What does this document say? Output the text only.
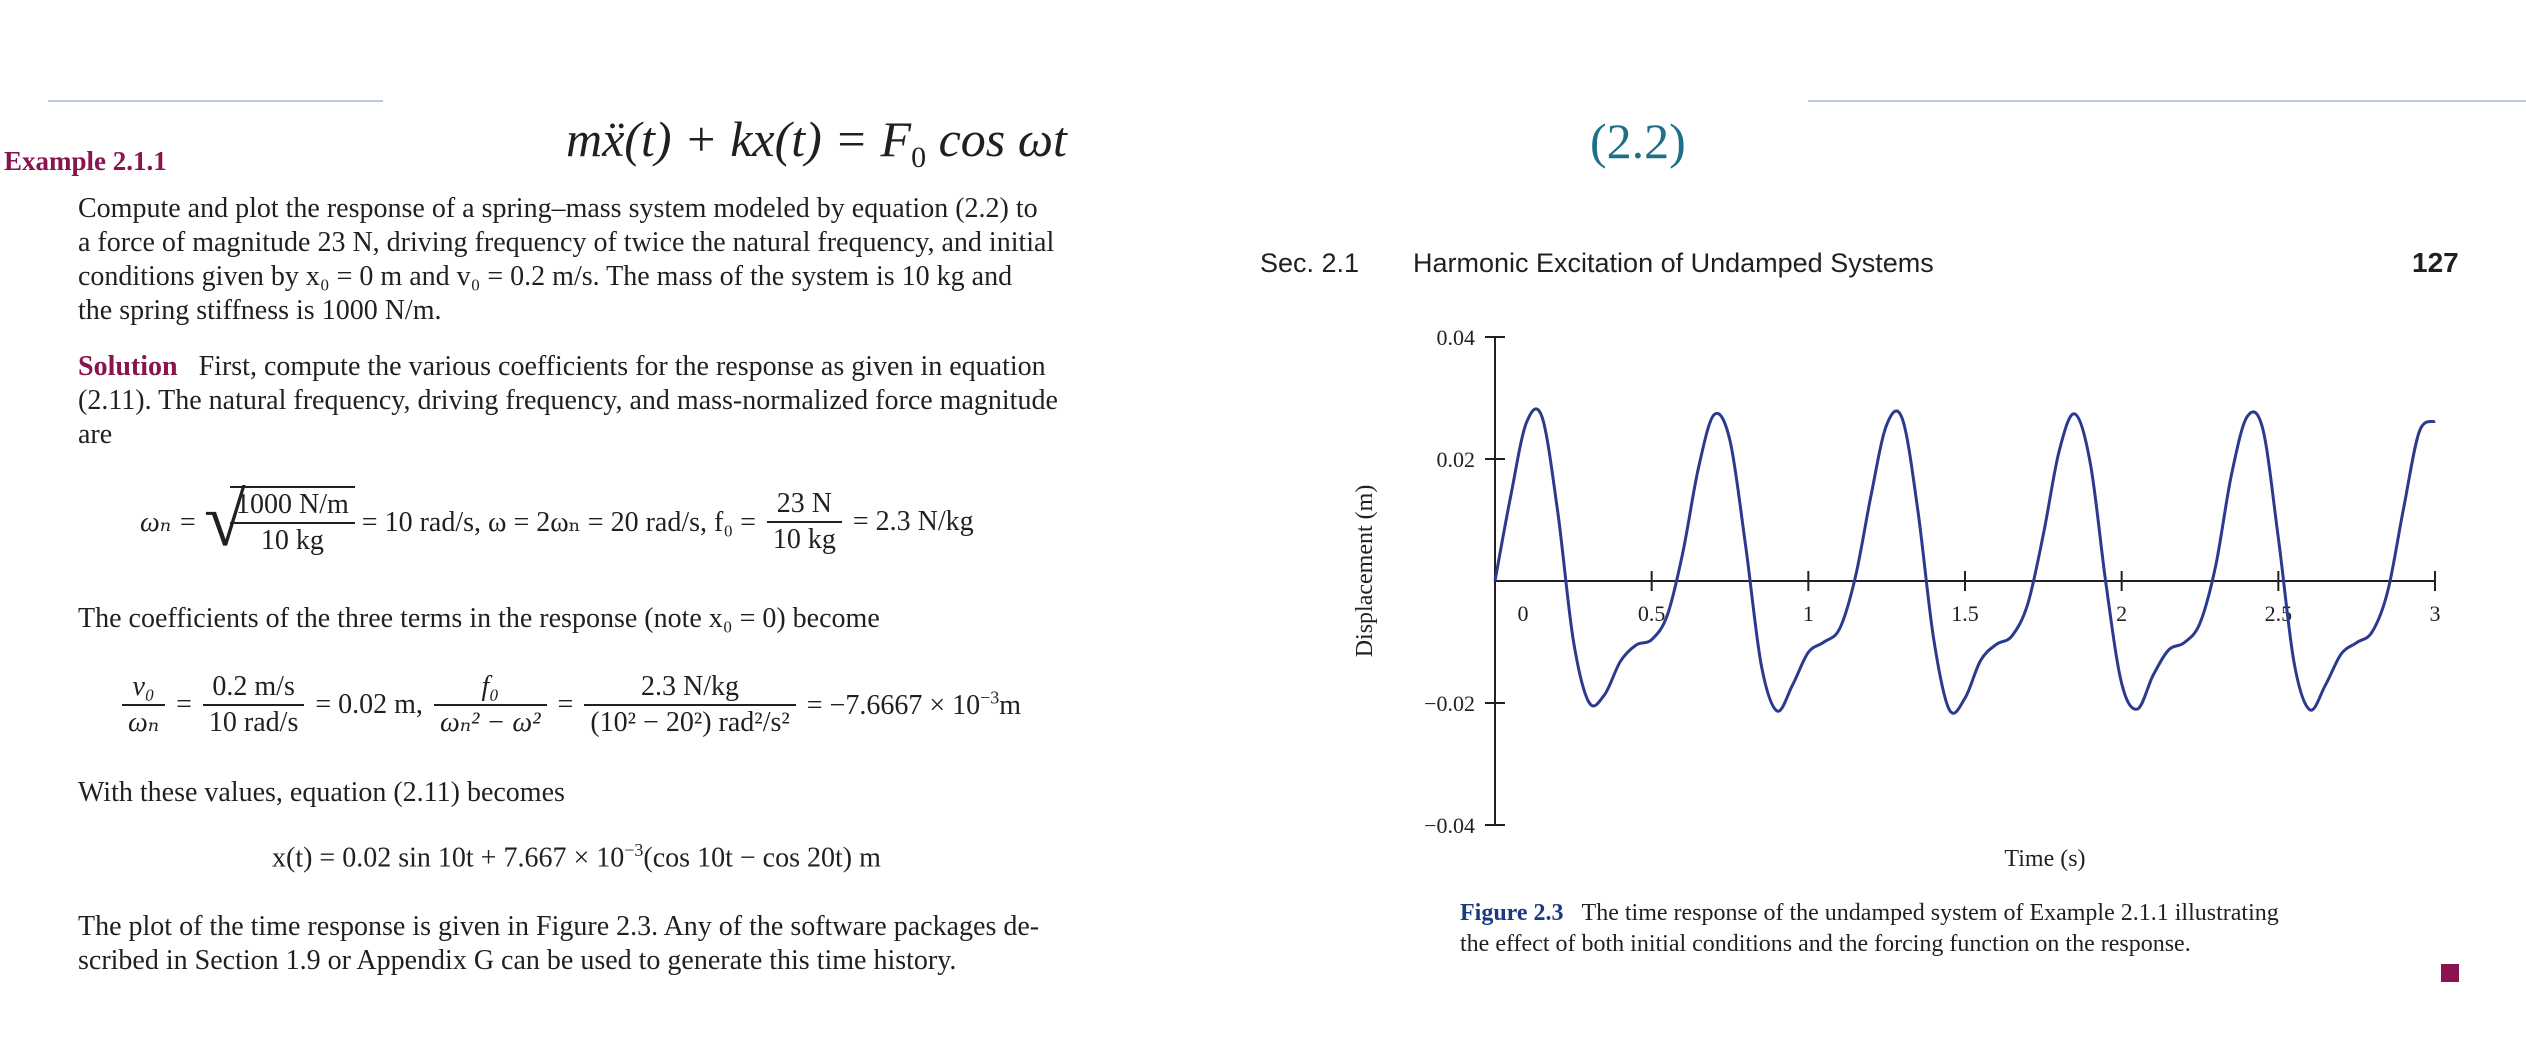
mẍ(t) + $kx(t) = F_0$ cos ωt	(2.2)
Example 2.1.1
Compute and plot the response of a spring–mass system modeled by equation (2.2) to
a force of magnitude 23 N, driving frequency of twice the natural frequency, and initial
conditions given by x₀ = 0 m and v₀ = 0.2 m/s. The mass of the system is 10 kg and
the spring stiffness is 1000 N/m.
Solution First, compute the various coefficients for the response as given in equation
(2.11). The natural frequency, driving frequency, and mass-normalized force magnitude
are
ωₙ = √
$\frac{1000 N/m}{10 kg} = 10$ rad/s, ω = 2ωₙ = 20 rad/s, $f_0 = \frac{23 N}{10 kg} = 2.3$ N/kg
The coefficients of the three terms in the response (note x₀ = 0) become
$\frac{\text{v₀}}{\text{ωₙ}} = \frac{0.2 m/s}{\text{10 rad/s}} = 0.02$ m, $\frac{\text{f₀}}{\text{ωₙ² − ω²}} = \frac{2.3 N/kg}{\text{(10² − 20²) rad²/s²}} = -7.6667 \times 10^{-3}m$
With these values, equation (2.11) becomes
x(t) = 0.02 $\sin 10t + 7.667 \times 10^{-3}(\cos$ 10t − cos 20t) m
The plot of the time response is given in Figure 2.3. Any of the software packages de-
scribed in Section 1.9 or Appendix G can be used to generate this time history.
Sec. 2.1 Harmonic Excitation of Undamped Systems	127
0.04
0.02
−0.02
−0.04
0	0.5	1	1.5	2	2.5	3
Time (s)
Displacement (m)
Figure 2.3 The time response of the undamped system of Example 2.1.1 illustrating
the effect of both initial conditions and the forcing function on the response.
